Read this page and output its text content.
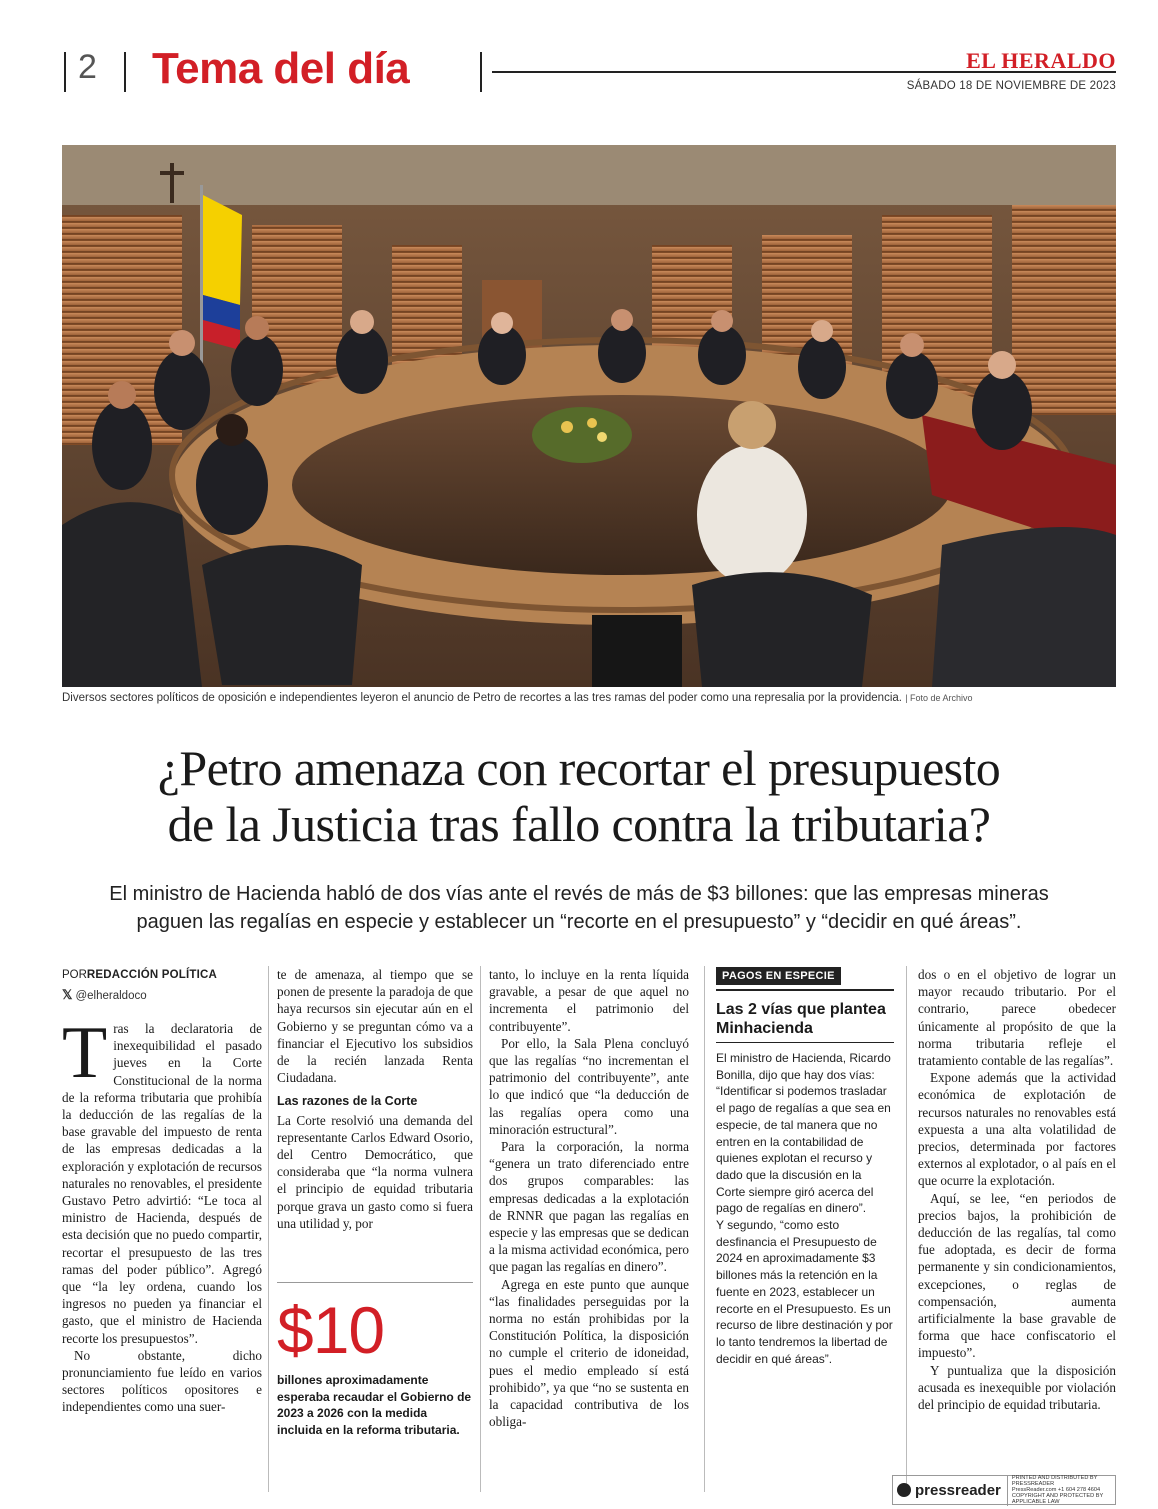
2 Tema del día	EL HERALDO
SÁBADO 18 DE NOVIEMBRE DE 2023
Diversos sectores políticos de oposición e independientes leyeron el anuncio de Petro de recortes a las tres ramas del poder como una represalia por la providencia. | Foto de Archivo
¿Petro amenaza con recortar el presupuesto
de la Justicia tras fallo contra la tributaria?
El ministro de Hacienda habló de dos vías ante el revés de más de $3 billones: que las empresas mineras
paguen las regalías en especie y establecer un “recorte en el presupuesto” y “decidir en qué áreas”.
PORREDACCIÓN POLÍTICA
𝕏 @elheraldoco

Tras la declaratoria de inexequibilidad el pasado jueves en la Corte Constitucional de la norma de la reforma tributaria que prohibía la deducción de las regalías de la base gravable del impuesto de renta de las empresas dedicadas a la exploración y explotación de recursos naturales no renovables, el presidente Gustavo Petro advirtió: “Le toca al ministro de Hacienda, después de esta decisión que no puedo compartir, recortar el presupuesto de las tres ramas del poder público”. Agregó que “la ley ordena, cuando los ingresos no pueden ya financiar el gasto, que el ministro de Hacienda recorte los presupuestos”.

No obstante, dicho pronunciamiento fue leído en varios sectores políticos opositores e independientes como una suer-

te de amenaza, al tiempo que se ponen de presente la paradoja de que haya recursos sin ejecutar aún en el Gobierno y se preguntan cómo va a financiar el Ejecutivo los subsidios de la recién lanzada Renta Ciudadana.

Las razones de la Corte

La Corte resolvió una demanda del representante Carlos Edward Osorio, del Centro Democrático, que consideraba que “la norma vulnera el principio de equidad tributaria porque grava un gasto como si fuera una utilidad y, por

$10
billones aproximadamente esperaba recaudar el Gobierno de 2023 a 2026 con la medida incluida en la reforma tributaria.

tanto, lo incluye en la renta líquida gravable, a pesar de que aquel no incrementa el patrimonio del contribuyente”.

Por ello, la Sala Plena concluyó que las regalías “no incrementan el patrimonio del contribuyente”, ante lo que indicó que “la deducción de las regalías opera como una minoración estructural”.

Para la corporación, la norma “genera un trato diferenciado entre dos grupos comparables: las empresas dedicadas a la explotación de RNNR que pagan las regalías en especie y las empresas que se dedican a la misma actividad económica, pero que pagan las regalías en dinero”.

Agrega en este punto que aunque “las finalidades perseguidas por la norma no están prohibidas por la Constitución Política, la disposición no cumple el criterio de idoneidad, pues el medio empleado sí está prohibido”, ya que “no se sustenta en la capacidad contributiva de los obliga-

PAGOS EN ESPECIE
Las 2 vías que plantea Minhacienda
El ministro de Hacienda, Ricardo Bonilla, dijo que hay dos vías: “Identificar si podemos trasladar el pago de regalías a que sea en especie, de tal manera que no entren en la contabilidad de quienes explotan el recurso y dado que la discusión en la Corte siempre giró acerca del pago de regalías en dinero”.
Y segundo, “como esto desfinancia el Presupuesto de 2024 en aproximadamente $3 billones más la retención en la fuente en 2023, establecer un recorte en el Presupuesto. Es un recurso de libre destinación y por lo tanto tendremos la libertad de decidir en qué áreas”.

dos o en el objetivo de lograr un mayor recaudo tributario. Por el contrario, parece obedecer únicamente al propósito de que la norma tributaria refleje el tratamiento contable de las regalías”.

Expone además que la actividad económica de explotación de recursos naturales no renovables está expuesta a una alta volatilidad de precios, determinada por factores externos al explotador, o al país en el que ocurre la explotación.

Aquí, se lee, “en periodos de precios bajos, la prohibición de deducción de las regalías, tal como fue adoptada, es decir de forma permanente y sin condicionamientos, excepciones, o reglas de compensación, aumenta artificialmente la base gravable de forma que hace confiscatorio el impuesto”.

Y puntualiza que la disposición acusada es inexequible por violación del principio de equidad tributaria.

pressreader
PRINTED AND DISTRIBUTED BY PRESSREADER
PressReader.com +1 604 278 4604
COPYRIGHT AND PROTECTED BY APPLICABLE LAW
